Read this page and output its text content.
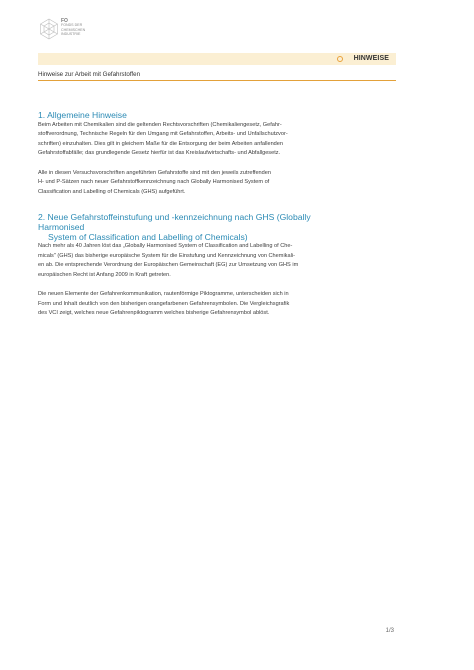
FO
FONDS DER
CHEMISCHEN
INDUSTRIE
HINWEISE
Hinweise zur Arbeit mit Gefahrstoffen
1. Allgemeine Hinweise

Beim Arbeiten mit Chemikalien sind die geltenden Rechtsvorschriften (Chemikaliengesetz, Gefahr-
stoffverordnung, Technische Regeln für den Umgang mit Gefahrstoffen, Arbeits- und Unfallschutzvor-
schriften) einzuhalten. Dies gilt in gleichem Maße für die Entsorgung der beim Arbeiten anfallenden
Gefahrstoffabfälle; das grundlegende Gesetz hierfür ist das Kreislaufwirtschafts- und Abfallgesetz.

Alle in diesen Versuchsvorschriften angeführten Gefahrstoffe sind mit den jeweils zutreffenden
H- und P-Sätzen nach neuer Gefahrstoffkennzeichnung nach Globally Harmonised System of
Classification and Labelling of Chemicals (GHS) aufgeführt.

2. Neue Gefahrstoffeinstufung und -kennzeichnung nach GHS (Globally Harmonised
System of Classification and Labelling of Chemicals)

Nach mehr als 40 Jahren löst das „Globally Harmonised System of Classification and Labelling of Che-
micals" (GHS) das bisherige europäische System für die Einstufung und Kennzeichnung von Chemikali-
en ab. Die entsprechende Verordnung der Europäischen Gemeinschaft (EG) zur Umsetzung von GHS im
europäischen Recht ist Anfang 2009 in Kraft getreten.

Die neuen Elemente der Gefahrenkommunikation, rautenförmige Piktogramme, unterscheiden sich in
Form und Inhalt deutlich von den bisherigen orangefarbenen Gefahrensymbolen. Die Vergleichsgrafik
des VCI zeigt, welches neue Gefahrenpiktogramm welches bisherige Gefahrensymbol ablöst.

1/3
